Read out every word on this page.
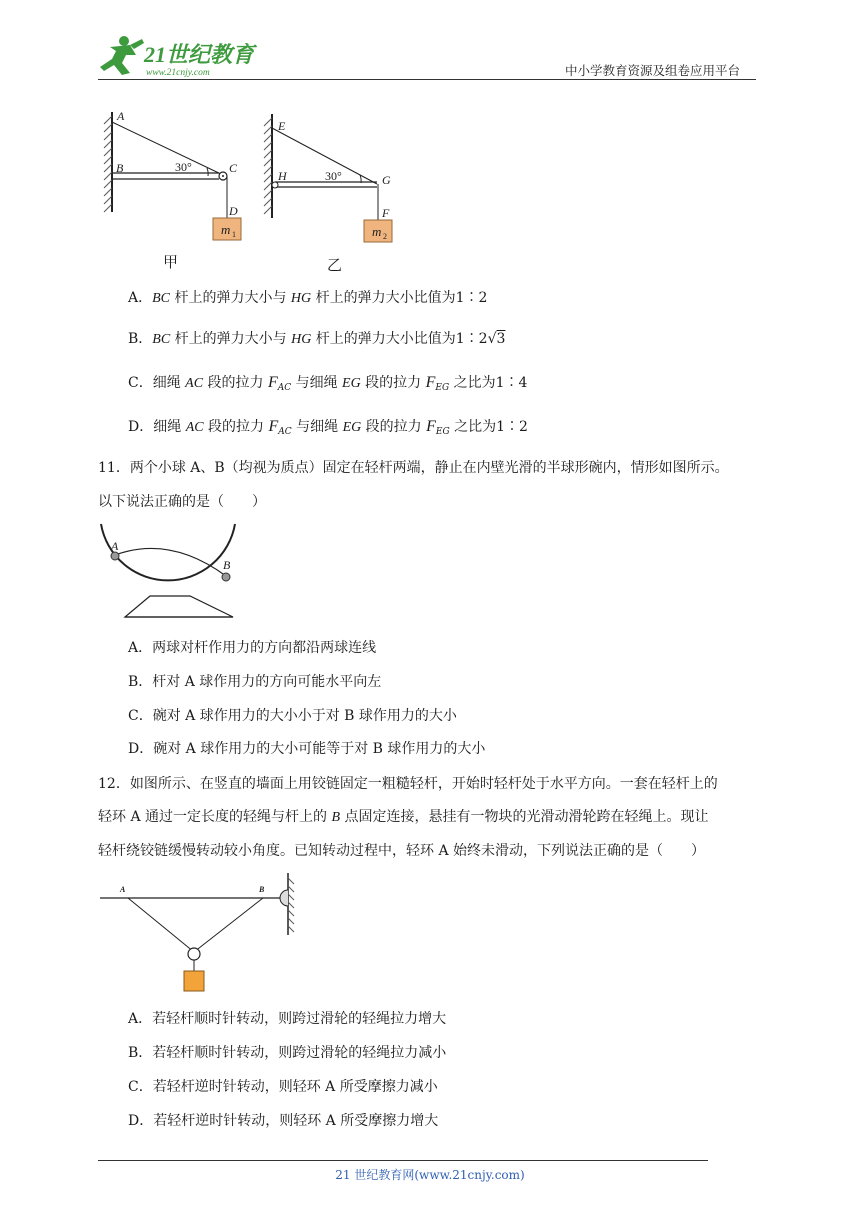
21世纪教育
www.21cnjy.com	中小学教育资源及组卷应用平台
m 1
A
B	C
D
30°
m 2
E
H	G
F
30°
甲	乙
A．BC 杆上的弹力大小与 HG 杆上的弹力大小比值为1∶2
B．BC 杆上的弹力大小与 HG 杆上的弹力大小比值为1∶2√3
C．细绳 AC 段的拉力 $F_{AC}$ 与细绳 EG 段的拉力 $F_{EG}$ 之比为1∶4
D．细绳 AC 段的拉力 $F_{AC}$ 与细绳 EG 段的拉力 $F_{EG}$ 之比为1∶2
11．两个小球 A、B（均视为质点）固定在轻杆两端，静止在内壁光滑的半球形碗内，情形如图所示。
以下说法正确的是（　　）
A
B
A．两球对杆作用力的方向都沿两球连线
B．杆对 A 球作用力的方向可能水平向左
C．碗对 A 球作用力的大小小于对 B 球作用力的大小
D．碗对 A 球作用力的大小可能等于对 B 球作用力的大小
12．如图所示、在竖直的墙面上用铰链固定一粗糙轻杆，开始时轻杆处于水平方向。一套在轻杆上的
轻环 A 通过一定长度的轻绳与杆上的 B 点固定连接，悬挂有一物块的光滑动滑轮跨在轻绳上。现让
轻杆绕铰链缓慢转动较小角度。已知转动过程中，轻环 A 始终未滑动，下列说法正确的是（　　）
A	B
A．若轻杆顺时针转动，则跨过滑轮的轻绳拉力增大
B．若轻杆顺时针转动，则跨过滑轮的轻绳拉力减小
C．若轻杆逆时针转动，则轻环 A 所受摩擦力减小
D．若轻杆逆时针转动，则轻环 A 所受摩擦力增大
21 世纪教育网(www.21cnjy.com)
